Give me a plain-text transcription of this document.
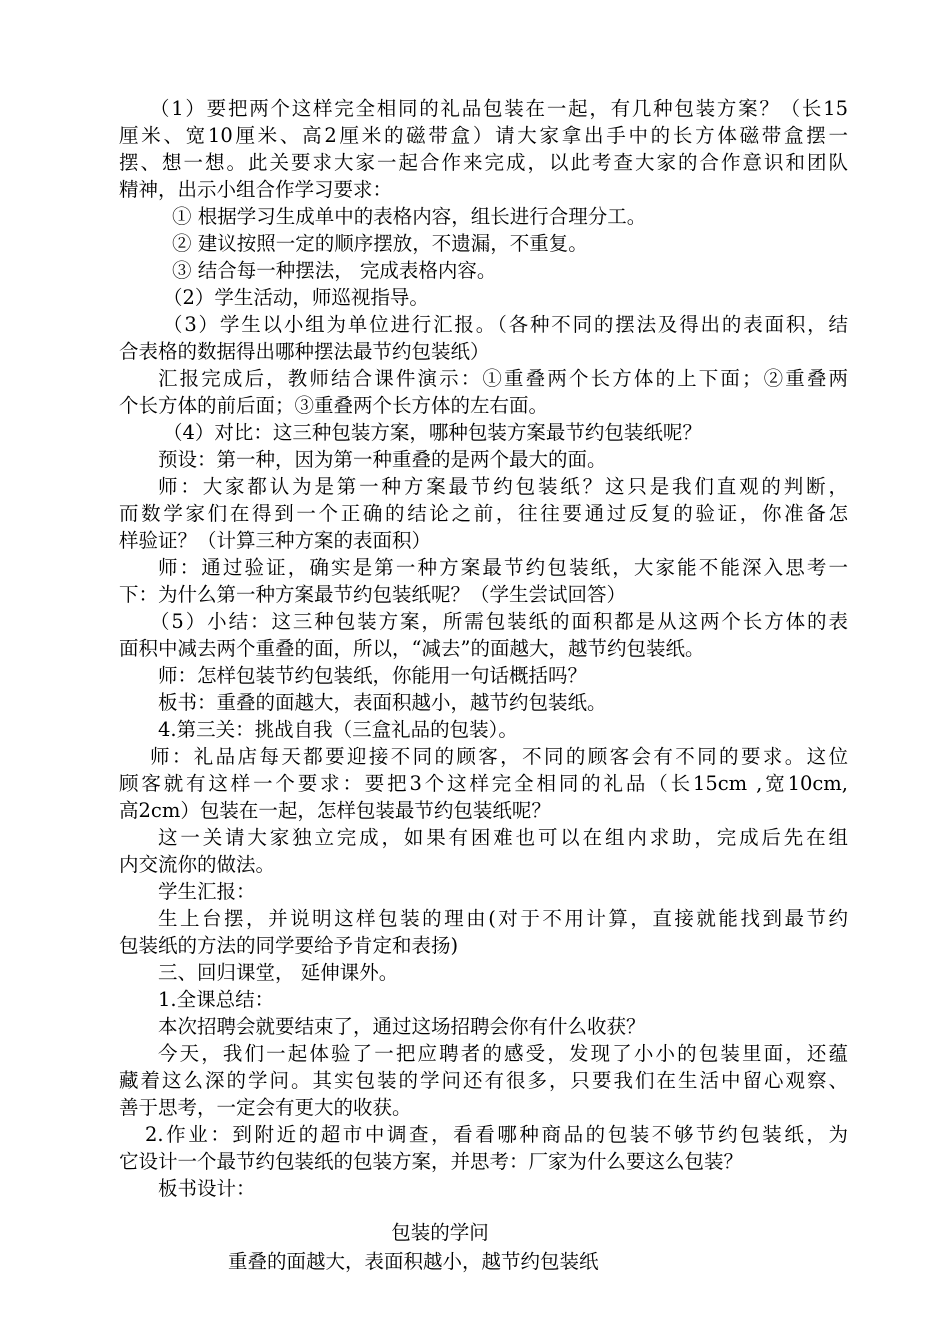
（1）要把两个这样完全相同的礼品包装在一起，有几种包装方案？（长15
厘米、宽10厘米、高2厘米的磁带盒）请大家拿出手中的长方体磁带盒摆一
摆、想一想。此关要求大家一起合作来完成，以此考查大家的合作意识和团队
精神，出示小组合作学习要求：
① 根据学习生成单中的表格内容，组长进行合理分工。
② 建议按照一定的顺序摆放，不遗漏，不重复。
③ 结合每一种摆法， 完成表格内容。
（2）学生活动，师巡视指导。
（3）学生以小组为单位进行汇报。（各种不同的摆法及得出的表面积，结
合表格的数据得出哪种摆法最节约包装纸）
汇报完成后，教师结合课件演示：①重叠两个长方体的上下面；②重叠两
个长方体的前后面；③重叠两个长方体的左右面。
（4）对比：这三种包装方案，哪种包装方案最节约包装纸呢？
预设：第一种，因为第一种重叠的是两个最大的面。
师：大家都认为是第一种方案最节约包装纸？这只是我们直观的判断，
而数学家们在得到一个正确的结论之前，往往要通过反复的验证，你准备怎
样验证？（计算三种方案的表面积）
师：通过验证，确实是第一种方案最节约包装纸，大家能不能深入思考一
下：为什么第一种方案最节约包装纸呢？（学生尝试回答）
（5）小结：这三种包装方案，所需包装纸的面积都是从这两个长方体的表
面积中减去两个重叠的面，所以，“减去”的面越大，越节约包装纸。
师：怎样包装节约包装纸，你能用一句话概括吗？
板书：重叠的面越大，表面积越小，越节约包装纸。
4.第三关：挑战自我（三盒礼品的包装）。
师：礼品店每天都要迎接不同的顾客，不同的顾客会有不同的要求。这位
顾客就有这样一个要求：要把3个这样完全相同的礼品（长15cm ,宽10cm,
高2cm）包装在一起，怎样包装最节约包装纸呢？
这一关请大家独立完成，如果有困难也可以在组内求助，完成后先在组
内交流你的做法。
学生汇报：
生上台摆，并说明这样包装的理由(对于不用计算，直接就能找到最节约
包装纸的方法的同学要给予肯定和表扬)
三、回归课堂， 延伸课外。
1.全课总结：
本次招聘会就要结束了，通过这场招聘会你有什么收获？
今天，我们一起体验了一把应聘者的感受，发现了小小的包装里面，还蕴
藏着这么深的学问。其实包装的学问还有很多，只要我们在生活中留心观察、
善于思考，一定会有更大的收获。
2.作业：到附近的超市中调查，看看哪种商品的包装不够节约包装纸，为
它设计一个最节约包装纸的包装方案，并思考：厂家为什么要这么包装？
板书设计：
包装的学问
重叠的面越大，表面积越小，越节约包装纸
